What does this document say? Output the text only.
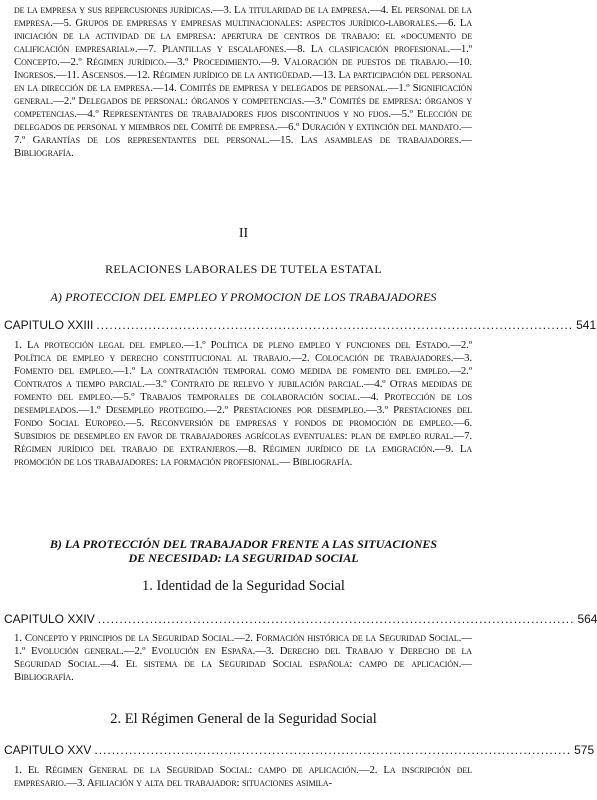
de la empresa y sus repercusiones jurídicas.—3. La titularidad de la empresa.—4. El personal de la empresa.—5. Grupos de empresas y empresas multinacionales: aspectos jurídico-laborales.—6. La iniciación de la actividad de la empresa: apertura de centros de trabajo: el «documento de calificación empresarial».—7. Plantillas y escalafones.—8. La clasificación profesional.—1.º Concepto.—2.º Régimen jurídico.—3.º Procedimiento.—9. Valoración de puestos de trabajo.—10. Ingresos.—11. Ascensos.—12. Régimen jurídico de la antigüedad.—13. La participación del personal en la dirección de la empresa.—14. Comités de empresa y delegados de personal.—1.º Significación general.—2.º Delegados de personal: órganos y competencias.—3.º Comités de empresa: órganos y competencias.—4.º Representantes de trabajadores fijos discontinuos y no fijos.—5.º Elección de delegados de personal y miembros del Comité de empresa.—6.º Duración y extinción del mandato.—7.º Garantías de los representantes del personal.—15. Las asambleas de trabajadores.—Bibliografía.
II
RELACIONES LABORALES DE TUTELA ESTATAL
A) PROTECCION DEL EMPLEO Y PROMOCION DE LOS TRABAJADORES
CAPITULO XXIII .............................................................................................................. 541
1. La protección legal del empleo.—1.º Política de pleno empleo y funciones del Estado.—2.º Política de empleo y derecho constitucional al trabajo.—2. Colocación de trabajadores.—3. Fomento del empleo.—1.º La contratación temporal como medida de fomento del empleo.—2.º Contratos a tiempo parcial.—3.º Contrato de relevo y jubilación parcial.—4.º Otras medidas de fomento del empleo.—5.º Trabajos temporales de colaboración social.—4. Protección de los desempleados.—1.º Desempleo protegido.—2.º Prestaciones por desempleo.—3.º Prestaciones del Fondo Social Europeo.—5. Reconversión de empresas y fondos de promoción de empleo.—6. Subsidios de desempleo en favor de trabajadores agrícolas eventuales: plan de empleo rural.—7. Régimen jurídico del trabajo de extranjeros.—8. Régimen jurídico de la emigración.—9. La promoción de los trabajadores: la formación profesional.— Bibliografía.
B) LA PROTECCIÓN DEL TRABAJADOR FRENTE A LAS SITUACIONES
DE NECESIDAD: LA SEGURIDAD SOCIAL
1. Identidad de la Seguridad Social
CAPITULO XXIV .............................................................................................................. 564
1. Concepto y principios de la Seguridad Social.—2. Formación histórica de la Seguridad Social.—1.º Evolución general.—2.º Evolución en España.—3. Derecho del Trabajo y Derecho de la Seguridad Social.—4. El sistema de la Seguridad Social española: campo de aplicación.—Bibliografía.
2. El Régimen General de la Seguridad Social
CAPITULO XXV .............................................................................................................. 575
1. El Régimen General de la Seguridad Social: campo de aplicación.—2. La inscripción del empresario.—3. Afiliación y alta del trabajador: situaciones asimila-
